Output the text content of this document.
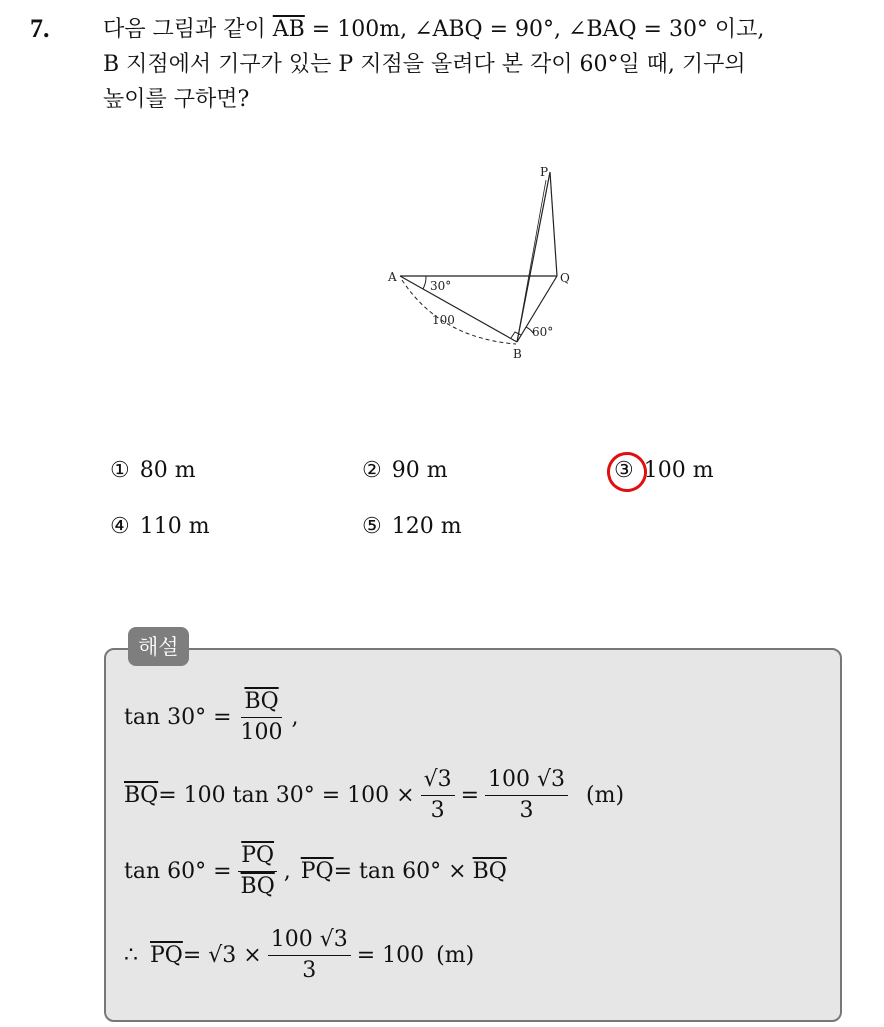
7. 다음 그림과 같이 $\overline{AB} = 100m$, ∠ABQ = 90°, ∠BAQ = 30° 이고,
B 지점에서 기구가 있는 P 지점을 올려다 본 각이 60°일 때, 기구의
높이를 구하면?
P
A	Q
B
30°
60°
100
① 80 m	② 90 m	③ 100 m
④ 110 m	⑤ 120 m
해설
$\tan 30^\circ = \frac{\overline{BQ}}{100}$ ,
$\overline{BQ} = 100$ $\tan 30^\circ = 100 \times \frac{√3}{3} = \frac{100 √3}{3} (m)$
$\tan 60^\circ = \frac{\overline{PQ}}{BQ}$ , $\overline{PQ} = \tan 60^\circ \times \overline{BQ}$
∴ $\overline{PQ} = √3 \times \frac{100 √3}{3} = 100$ (m)
